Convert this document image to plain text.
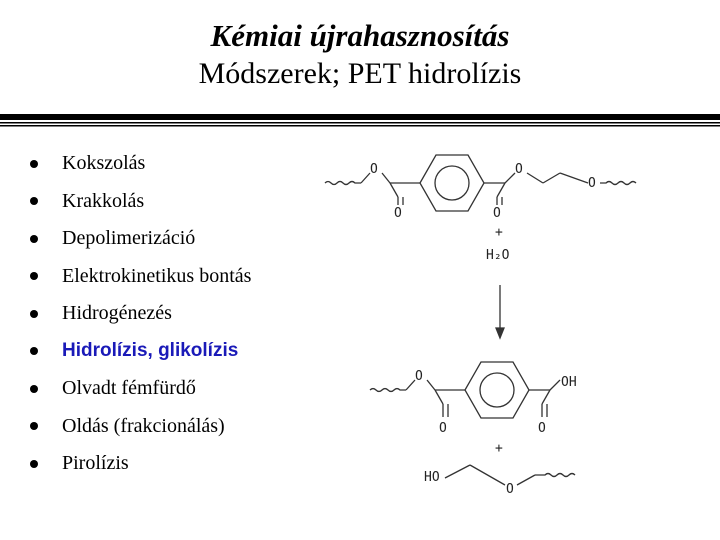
Kémiai újrahasznosítás
Módszerek; PET hidrolízis
Kokszolás
Krakkolás
Depolimerizáció
Elektrokinetikus bontás
Hidrogénezés
Hidrolízis, glikolízis
Olvadt fémfürdő
Oldás (frakcionálás)
Pirolízis
O
O	O
O
O
+
H₂O
O
O	O
OH
+
HO
O
